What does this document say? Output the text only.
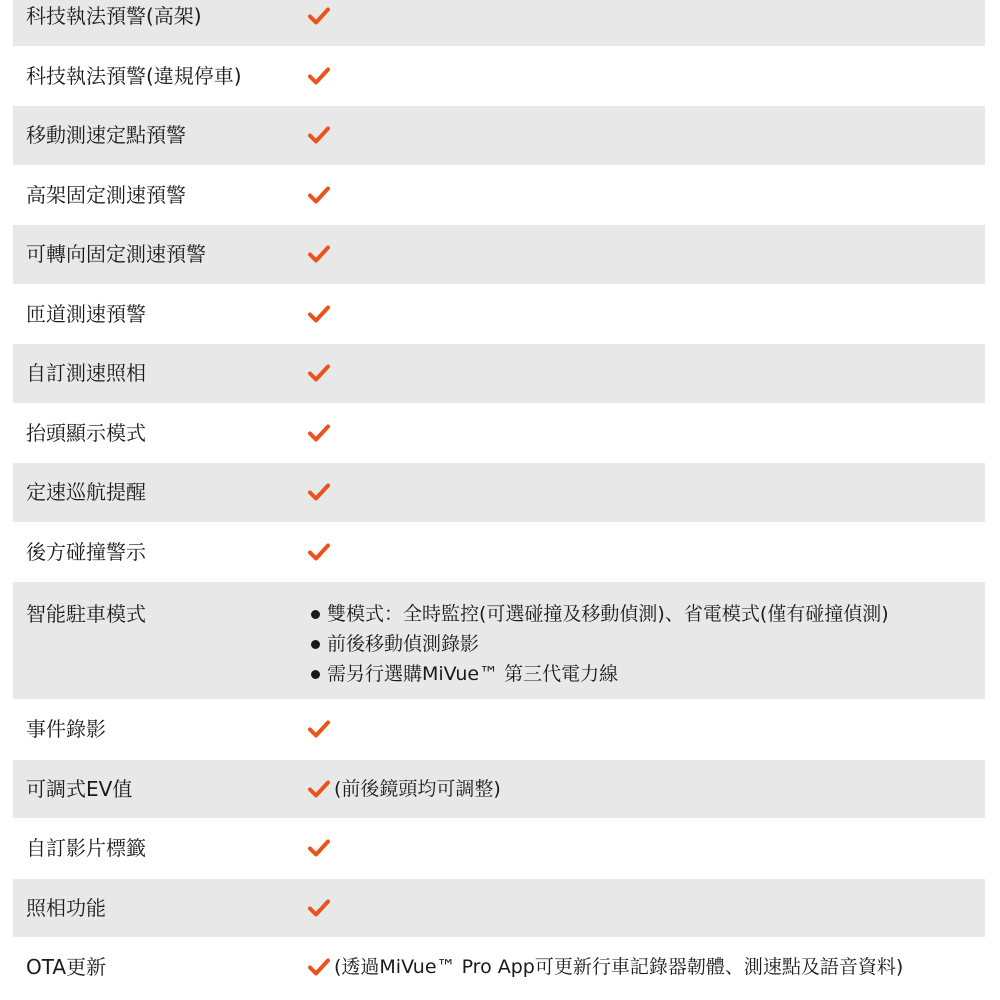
科技執法預警(高架)
科技執法預警(違規停車)
移動測速定點預警
高架固定測速預警
可轉向固定測速預警
匝道測速預警
自訂測速照相
抬頭顯示模式
定速巡航提醒
後方碰撞警示
智能駐車模式	雙模式：全時監控(可選碰撞及移動偵測)、省電模式(僅有碰撞偵測)
前後移動偵測錄影
需另行選購MiVue™ 第三代電力線
事件錄影
可調式EV值	(前後鏡頭均可調整)
自訂影片標籤
照相功能
OTA更新	(透過MiVue™ Pro App可更新行車記錄器韌體、測速點及語音資料)
